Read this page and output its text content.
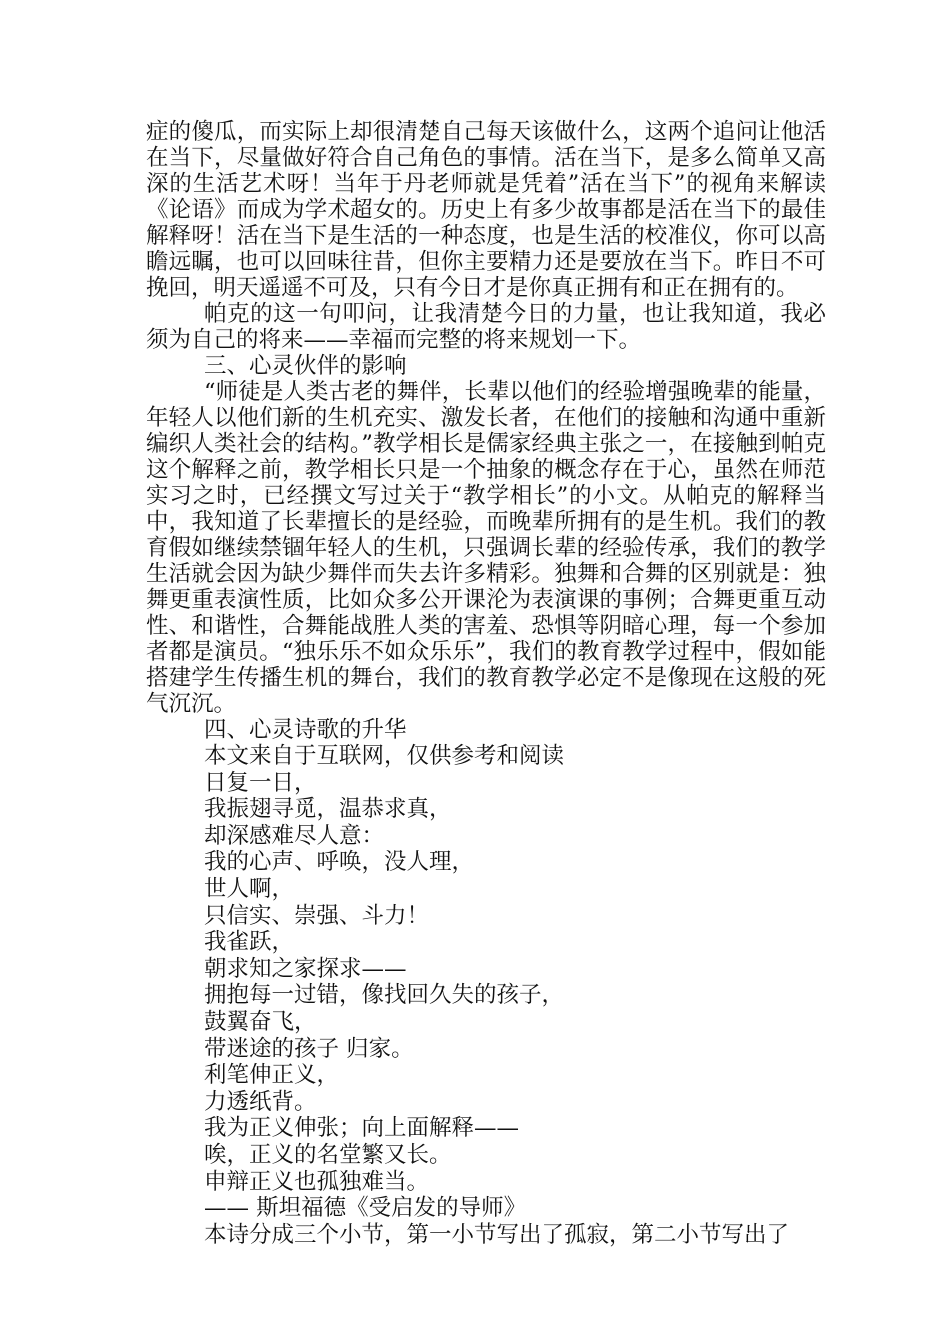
症的傻瓜，而实际上却很清楚自己每天该做什么，这两个追问让他活在当下，尽量做好符合自己角色的事情。活在当下，是多么简单又高深的生活艺术呀！当年于丹老师就是凭着”活在当下”的视角来解读《论语》而成为学术超女的。历史上有多少故事都是活在当下的最佳解释呀！活在当下是生活的一种态度，也是生活的校准仪，你可以高瞻远瞩，也可以回味往昔，但你主要精力还是要放在当下。昨日不可挽回，明天遥遥不可及，只有今日才是你真正拥有和正在拥有的。

帕克的这一句叩问，让我清楚今日的力量，也让我知道，我必须为自己的将来——幸福而完整的将来规划一下。

三、心灵伙伴的影响

“师徒是人类古老的舞伴，长辈以他们的经验增强晚辈的能量，年轻人以他们新的生机充实、激发长者，在他们的接触和沟通中重新编织人类社会的结构。”教学相长是儒家经典主张之一，在接触到帕克这个解释之前，教学相长只是一个抽象的概念存在于心，虽然在师范实习之时，已经撰文写过关于“教学相长”的小文。从帕克的解释当中，我知道了长辈擅长的是经验，而晚辈所拥有的是生机。我们的教育假如继续禁锢年轻人的生机，只强调长辈的经验传承，我们的教学生活就会因为缺少舞伴而失去许多精彩。独舞和合舞的区别就是：独舞更重表演性质，比如众多公开课沦为表演课的事例；合舞更重互动性、和谐性，合舞能战胜人类的害羞、恐惧等阴暗心理，每一个参加者都是演员。“独乐乐不如众乐乐”，我们的教育教学过程中，假如能搭建学生传播生机的舞台，我们的教育教学必定不是像现在这般的死气沉沉。

四、心灵诗歌的升华

本文来自于互联网，仅供参考和阅读

日复一日，

我振翅寻觅，温恭求真，

却深感难尽人意：

我的心声、呼唤，没人理，

世人啊，

只信实、崇强、斗力！

我雀跃，

朝求知之家探求——

拥抱每一过错，像找回久失的孩子，

鼓翼奋飞，

带迷途的孩子 归家。

利笔伸正义，

力透纸背。

我为正义伸张；向上面解释——

唉，正义的名堂繁又长。

申辩正义也孤独难当。

—— 斯坦福德《受启发的导师》

本诗分成三个小节，第一小节写出了孤寂，第二小节写出了
